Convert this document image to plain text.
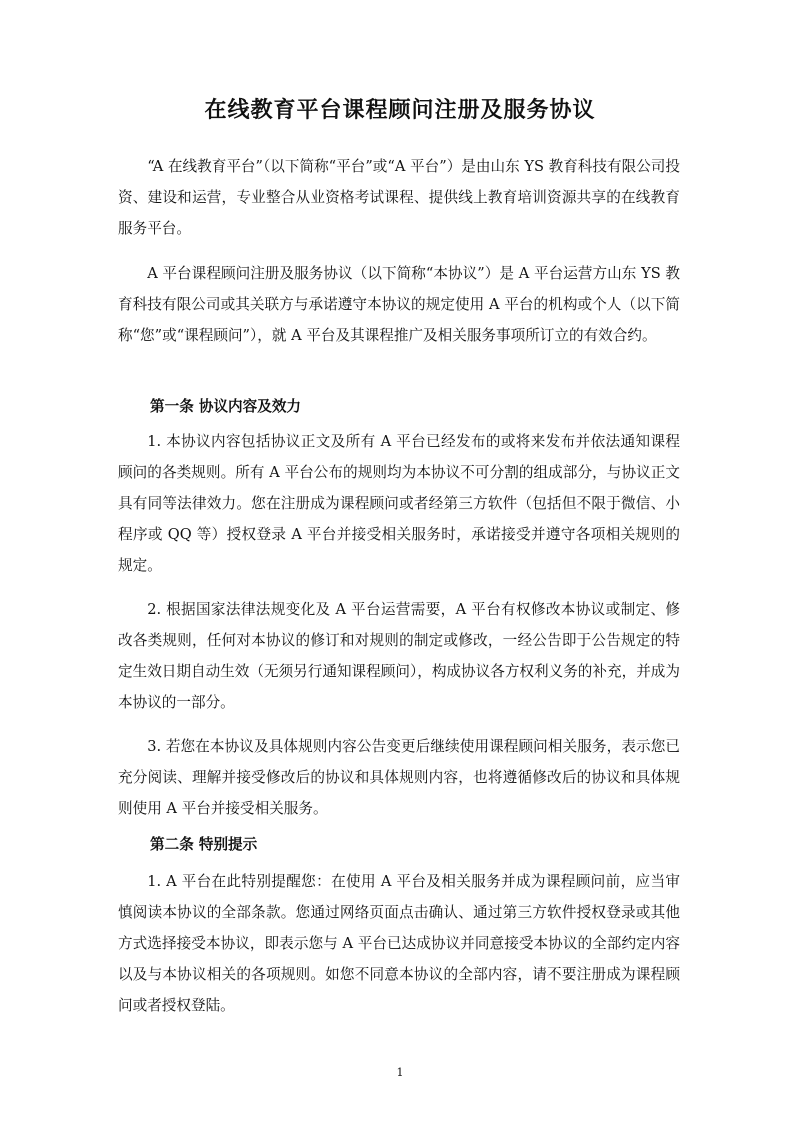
在线教育平台课程顾问注册及服务协议

“A 在线教育平台”（以下简称“平台”或“A 平台”）是由山东 YS 教育科技有限公司投资、建设和运营，专业整合从业资格考试课程、提供线上教育培训资源共享的在线教育服务平台。

A 平台课程顾问注册及服务协议（以下简称“本协议”）是 A 平台运营方山东 YS 教育科技有限公司或其关联方与承诺遵守本协议的规定使用 A 平台的机构或个人（以下简称“您”或“课程顾问”），就 A 平台及其课程推广及相关服务事项所订立的有效合约。

第一条 协议内容及效力

1. 本协议内容包括协议正文及所有 A 平台已经发布的或将来发布并依法通知课程顾问的各类规则。所有 A 平台公布的规则均为本协议不可分割的组成部分，与协议正文具有同等法律效力。您在注册成为课程顾问或者经第三方软件（包括但不限于微信、小程序或 QQ 等）授权登录 A 平台并接受相关服务时，承诺接受并遵守各项相关规则的规定。

2. 根据国家法律法规变化及 A 平台运营需要，A 平台有权修改本协议或制定、修改各类规则，任何对本协议的修订和对规则的制定或修改，一经公告即于公告规定的特定生效日期自动生效（无须另行通知课程顾问），构成协议各方权利义务的补充，并成为本协议的一部分。

3. 若您在本协议及具体规则内容公告变更后继续使用课程顾问相关服务，表示您已充分阅读、理解并接受修改后的协议和具体规则内容，也将遵循修改后的协议和具体规则使用 A 平台并接受相关服务。

第二条 特别提示

1. A 平台在此特别提醒您：在使用 A 平台及相关服务并成为课程顾问前，应当审慎阅读本协议的全部条款。您通过网络页面点击确认、通过第三方软件授权登录或其他方式选择接受本协议，即表示您与 A 平台已达成协议并同意接受本协议的全部约定内容以及与本协议相关的各项规则。如您不同意本协议的全部内容，请不要注册成为课程顾问或者授权登陆。

1
